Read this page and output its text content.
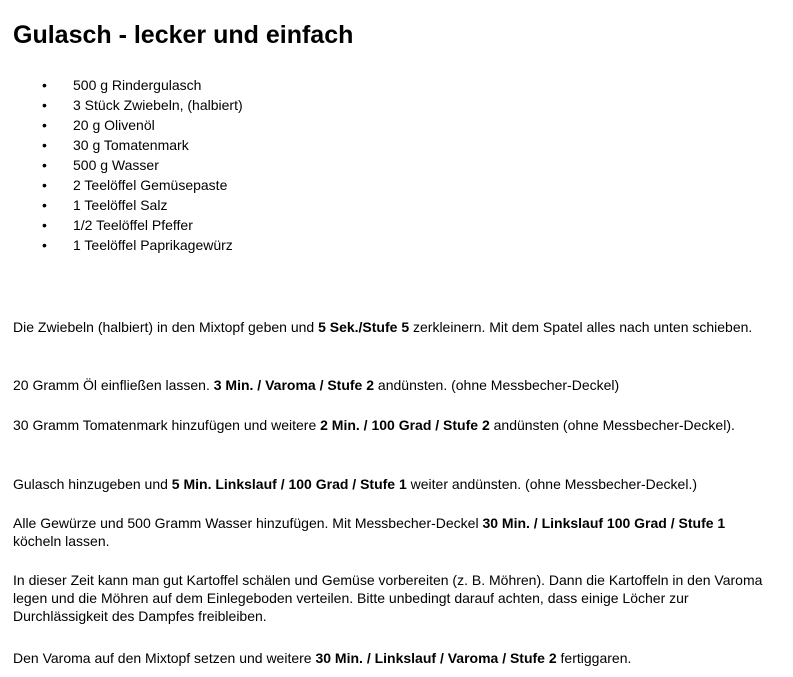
Gulasch - lecker und einfach
•	500 g Rindergulasch
•	3 Stück Zwiebeln, (halbiert)
•	20 g Olivenöl
•	30 g Tomatenmark
•	500 g Wasser
•	2 Teelöffel Gemüsepaste
•	1 Teelöffel Salz
•	1/2 Teelöffel Pfeffer
•	1 Teelöffel Paprikagewürz

Die Zwiebeln (halbiert) in den Mixtopf geben und 5 Sek./Stufe 5 zerkleinern. Mit dem Spatel alles nach unten schieben.

20 Gramm Öl einfließen lassen. 3 Min. / Varoma / Stufe 2 andünsten. (ohne Messbecher-Deckel)

30 Gramm Tomatenmark hinzufügen und weitere 2 Min. / 100 Grad / Stufe 2 andünsten (ohne Messbecher-Deckel).

Gulasch hinzugeben und 5 Min. Linkslauf / 100 Grad / Stufe 1 weiter andünsten. (ohne Messbecher-Deckel.)

Alle Gewürze und 500 Gramm Wasser hinzufügen. Mit Messbecher-Deckel 30 Min. / Linkslauf 100 Grad / Stufe 1 köcheln lassen.

In dieser Zeit kann man gut Kartoffel schälen und Gemüse vorbereiten (z. B. Möhren). Dann die Kartoffeln in den Varoma legen und die Möhren auf dem Einlegeboden verteilen. Bitte unbedingt darauf achten, dass einige Löcher zur Durchlässigkeit des Dampfes freibleiben.

Den Varoma auf den Mixtopf setzen und weitere 30 Min. / Linkslauf / Varoma / Stufe 2 fertiggaren.
